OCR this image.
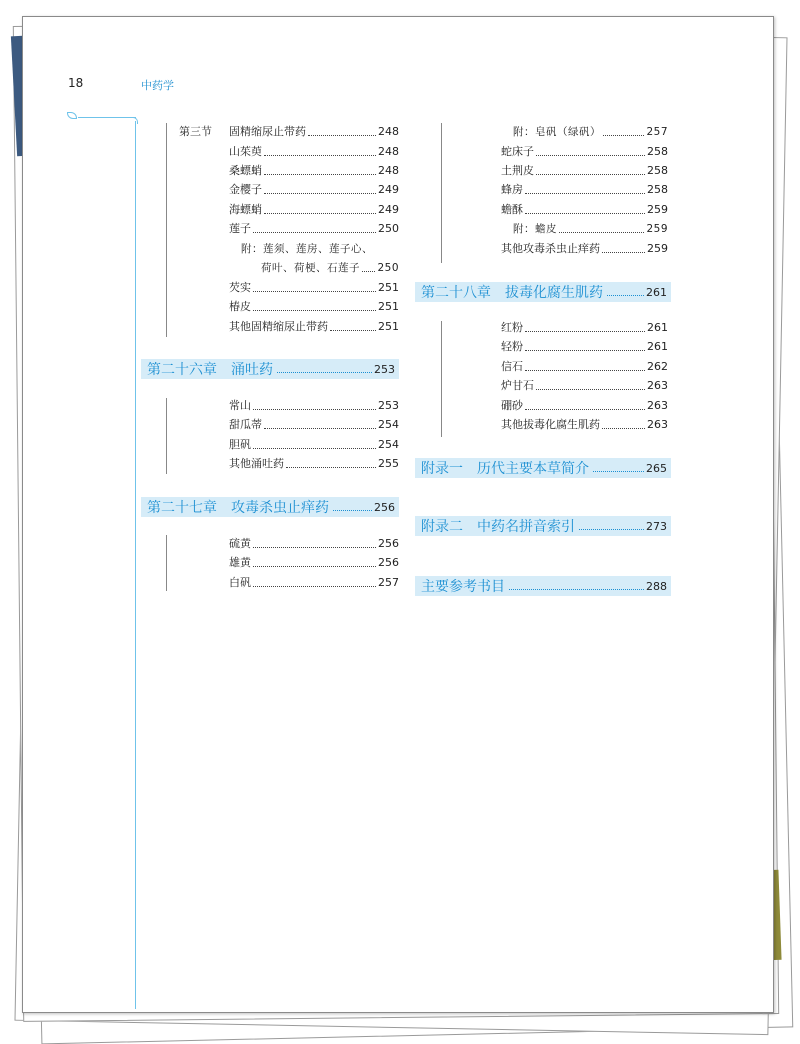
18	中药学
第三节	固精缩尿止带药	248
山茱萸	248
桑螵蛸	248
金樱子	249
海螵蛸	249
莲子	250
附：莲须、莲房、莲子心、
荷叶、荷梗、石莲子 250
芡实	251
椿皮	251
其他固精缩尿止带药	251
第二十六章　涌吐药	253
常山	253
甜瓜蒂	254
胆矾	254
其他涌吐药	255
第二十七章　攻毒杀虫止痒药	256
硫黄	256
雄黄	256
白矾	257
附：皂矾（绿矾）	257
蛇床子	258
土荆皮	258
蜂房	258
蟾酥	259
附：蟾皮	259
其他攻毒杀虫止痒药	259
第二十八章　拔毒化腐生肌药	261
红粉	261
轻粉	261
信石	262
炉甘石	263
硼砂	263
其他拔毒化腐生肌药	263
附录一　历代主要本草简介	265
附录二　中药名拼音索引	273
主要参考书目	288
